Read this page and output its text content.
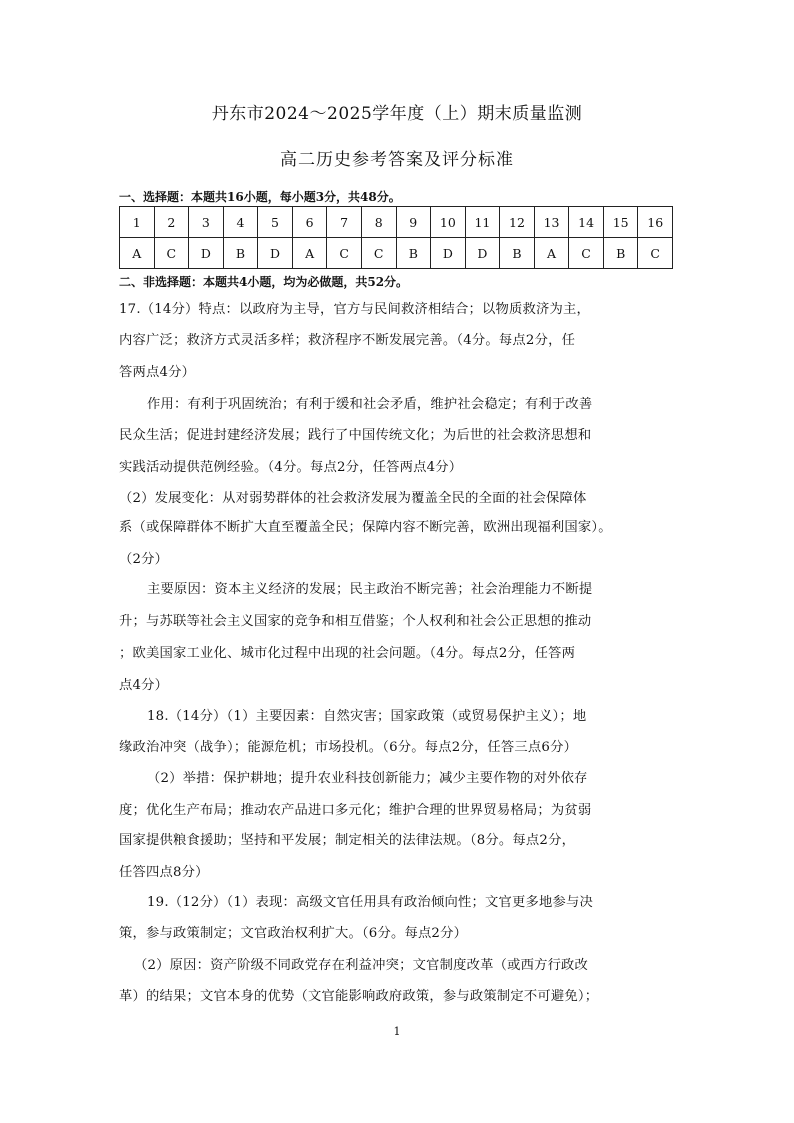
丹东市2024～2025学年度（上）期末质量监测
高二历史参考答案及评分标准
一、选择题：本题共16小题，每小题3分，共48分。
1	2	3	4	5	6	7	8	9	10	11	12	13	14	15	16
A	C	D	B	D	A	C	C	B	D	D	B	A	C	B	C
二、非选择题：本题共4小题，均为必做题，共52分。
17.（14分）特点：以政府为主导，官方与民间救济相结合；以物质救济为主，
内容广泛；救济方式灵活多样；救济程序不断发展完善。（4分。每点2分，任
答两点4分）
作用：有利于巩固统治；有利于缓和社会矛盾，维护社会稳定；有利于改善
民众生活；促进封建经济发展；践行了中国传统文化；为后世的社会救济思想和
实践活动提供范例经验。（4分。每点2分，任答两点4分）
（2）发展变化：从对弱势群体的社会救济发展为覆盖全民的全面的社会保障体
系（或保障群体不断扩大直至覆盖全民；保障内容不断完善，欧洲出现福利国家）。
（2分）
主要原因：资本主义经济的发展；民主政治不断完善；社会治理能力不断提
升；与苏联等社会主义国家的竞争和相互借鉴；个人权利和社会公正思想的推动
；欧美国家工业化、城市化过程中出现的社会问题。（4分。每点2分，任答两
点4分）
18.（14分）（1）主要因素：自然灾害；国家政策（或贸易保护主义）；地
缘政治冲突（战争）；能源危机；市场投机。（6分。每点2分，任答三点6分）
（2）举措：保护耕地；提升农业科技创新能力；减少主要作物的对外依存
度；优化生产布局；推动农产品进口多元化；维护合理的世界贸易格局；为贫弱
国家提供粮食援助；坚持和平发展；制定相关的法律法规。（8分。每点2分，
任答四点8分）
19.（12分）（1）表现：高级文官任用具有政治倾向性；文官更多地参与决
策，参与政策制定；文官政治权利扩大。（6分。每点2分）
（2）原因：资产阶级不同政党存在利益冲突；文官制度改革（或西方行政改
革）的结果；文官本身的优势（文官能影响政府政策，参与政策制定不可避免）；
1
